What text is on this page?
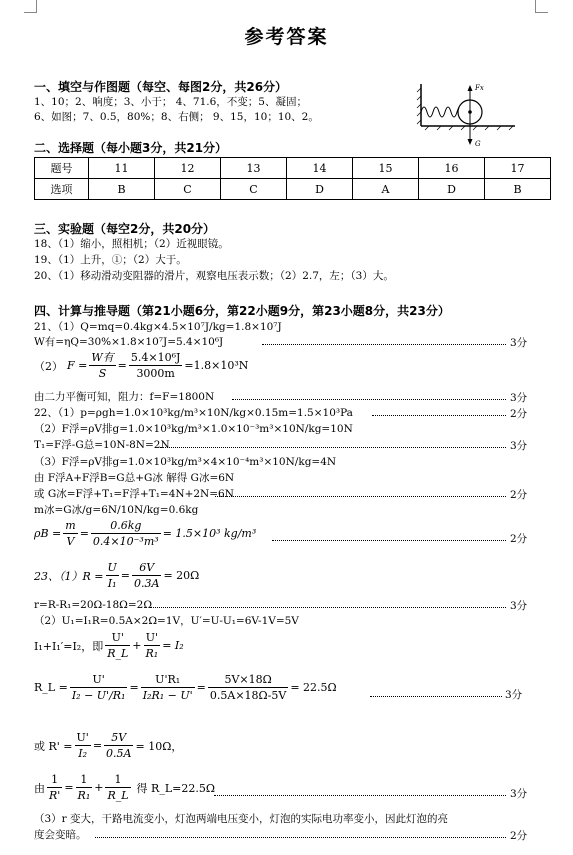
参考答案
一、填空与作图题（每空、每图2分，共26分）
1、10；2、响度；3、小于； 4、71.6，不变；5、凝固；
6、如图；7、0.5，80%；8、右侧； 9、15，10；10、2。
Fx
G
二、选择题（每小题3分，共21分）
题号	11	12	13	14	15	16	17
选项	B	C	C	D	A	D	B
三、实验题（每空2分，共20分）
18、（1）缩小，照相机；（2）近视眼镜。
19、（1）上升，①；（2）大于。
20、（1）移动滑动变阻器的滑片，观察电压表示数；（2）2.7，左；（3）大。
四、计算与推导题（第21小题6分，第22小题9分，第23小题8分，共23分）
21、（1）Q=mq=0.4kg×4.5×10⁷J/kg=1.8×10⁷J
W有=ηQ=30%×1.8×10⁷J=5.4×10⁶J	3分
（2） $F = \frac{\text{W有}}{S} = \frac{\text{5.4×10⁶J}}{3000m} =1.8\times 10^3N$
由二力平衡可知，阻力：f=F=1800N	3分
22、（1）p=ρgh=1.0×10³kg/m³×10N/kg×0.15m=1.5×10³Pa	2分
（2）F浮=ρV排g=1.0×10³kg/m³×1.0×10⁻³m³×10N/kg=10N
T₁=F浮-G总=10N-8N=2N	3分
（3）F浮=ρV排g=1.0×10³kg/m³×4×10⁻⁴m³×10N/kg=4N
由 F浮A+F浮B=G总+G冰 解得 G冰=6N
或 G冰=F浮+T₁=F浮+T₁=4N+2N=6N	2分
m冰=G冰/g=6N/10N/kg=0.6kg
$\rho B = \frac{m}{V} = \frac{0.6kg}{\text{0.4×10⁻³m³}} = 1.5\times 10^3$ kg/m³	2分
23、$(1)R = \frac{U}{\text{I₁}} = \frac{6V}{0.3A} = 20\Omega$
r=R-R₁=20Ω-18Ω=2Ω	3分
（2）U₁=I₁R=0.5A×2Ω=1V，U′=U-U₁=6V-1V=5V
I₁+I₁′=I₂，即 $\frac{U'}{R\_L} + \frac{U'}{\text{R₁}} = I_2$
R_L = $\frac{U'}{\text{I₂ − U'/R₁}} = \frac{\text{U'R₁}}{\text{I₂R₁ − U'}} = \frac{5V\times 18\Omega}{0.5A\times 18\Omega-5V} = 22.5\Omega$
3分
或 $R' = \frac{U'}{\text{I₂}} = \frac{5V}{0.5A} = 10\Omega$，
由 $\frac{1}{R'} = \frac{1}{\text{R₁}} + \frac{1}{R\_L}$ 得 R_L=22.5Ω	3分
（3）r 变大，干路电流变小，灯泡两端电压变小，灯泡的实际电功率变小，因此灯泡的亮
度会变暗。	2分
